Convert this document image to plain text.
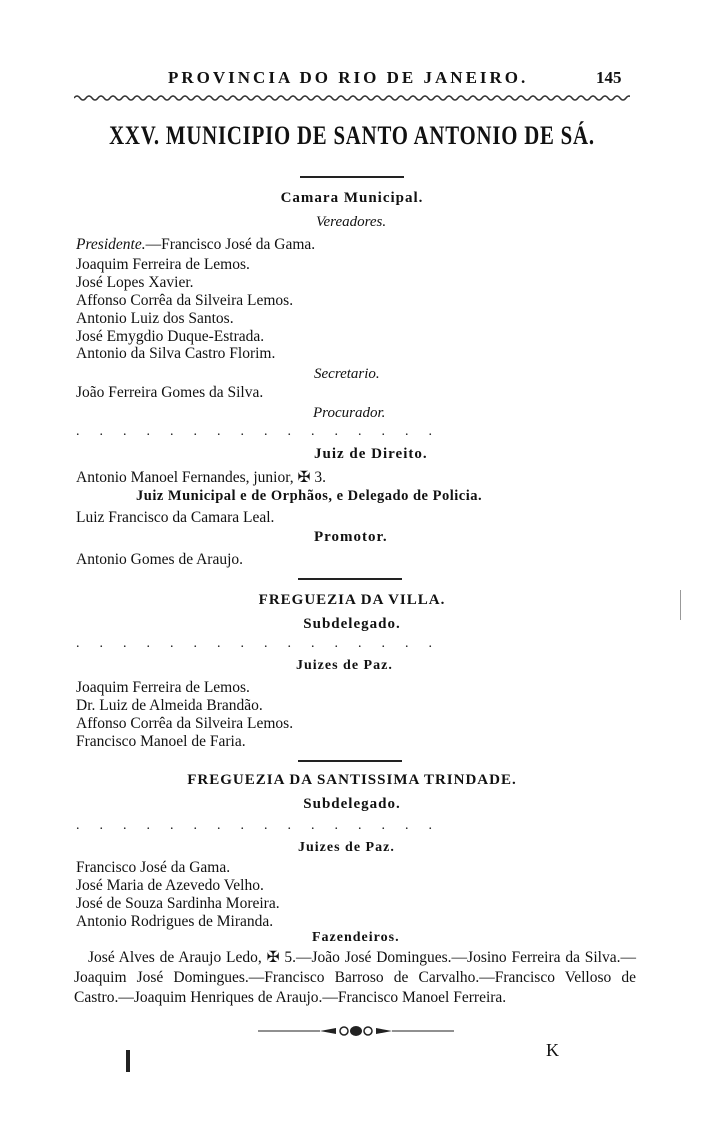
PROVINCIA DO RIO DE JANEIRO.	145
XXV. MUNICIPIO DE SANTO ANTONIO DE SÁ.
Camara Municipal.
Vereadores.
Presidente.—Francisco José da Gama.
Joaquim Ferreira de Lemos.
José Lopes Xavier.
Affonso Corrêa da Silveira Lemos.
Antonio Luiz dos Santos.
José Emygdio Duque-Estrada.
Antonio da Silva Castro Florim.
Secretario.
João Ferreira Gomes da Silva.
Procurador.
................
Juiz de Direito.
Antonio Manoel Fernandes, junior, ✠ 3.
Juiz Municipal e de Orphãos, e Delegado de Policia.
Luiz Francisco da Camara Leal.
Promotor.
Antonio Gomes de Araujo.
FREGUEZIA DA VILLA.
Subdelegado.
................
Juizes de Paz.
Joaquim Ferreira de Lemos.
Dr. Luiz de Almeida Brandão.
Affonso Corrêa da Silveira Lemos.
Francisco Manoel de Faria.
FREGUEZIA DA SANTISSIMA TRINDADE.
Subdelegado.
................
Juizes de Paz.
Francisco José da Gama.
José Maria de Azevedo Velho.
José de Souza Sardinha Moreira.
Antonio Rodrigues de Miranda.
Fazendeiros.
José Alves de Araujo Ledo, ✠ 5.—João José Domingues.—Josino Ferreira da Silva.—Joaquim José Domingues.—Francisco Barroso de Carvalho.—Francisco Velloso de Castro.—Joaquim Henriques de Araujo.—Francisco Manoel Ferreira.
K
